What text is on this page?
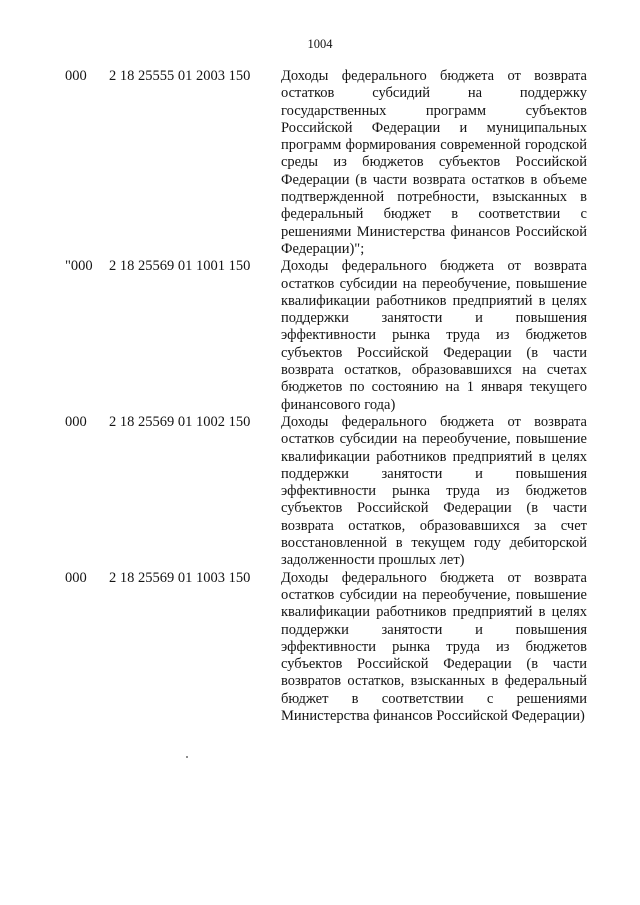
1004
000	2 18 25555 01 2003 150	Доходы федерального бюджета от возврата остатков субсидий на поддержку государственных программ субъектов Российской Федерации и муниципальных программ формирования современной городской среды из бюджетов субъектов Российской Федерации (в части возврата остатков в объеме подтвержденной потребности, взысканных в федеральный бюджет в соответствии с решениями Министерства финансов Российской Федерации)";
"000	2 18 25569 01 1001 150	Доходы федерального бюджета от возврата остатков субсидии на переобучение, повышение квалификации работников предприятий в целях поддержки занятости и повышения эффективности рынка труда из бюджетов субъектов Российской Федерации (в части возврата остатков, образовавшихся на счетах бюджетов по состоянию на 1 января текущего финансового года)
000	2 18 25569 01 1002 150	Доходы федерального бюджета от возврата остатков субсидии на переобучение, повышение квалификации работников предприятий в целях поддержки занятости и повышения эффективности рынка труда из бюджетов субъектов Российской Федерации (в части возврата остатков, образовавшихся за счет восстановленной в текущем году дебиторской задолженности прошлых лет)
000	2 18 25569 01 1003 150	Доходы федерального бюджета от возврата остатков субсидии на переобучение, повышение квалификации работников предприятий в целях поддержки занятости и повышения эффективности рынка труда из бюджетов субъектов Российской Федерации (в части возвратов остатков, взысканных в федеральный бюджет в соответствии с решениями Министерства финансов Российской Федерации)
